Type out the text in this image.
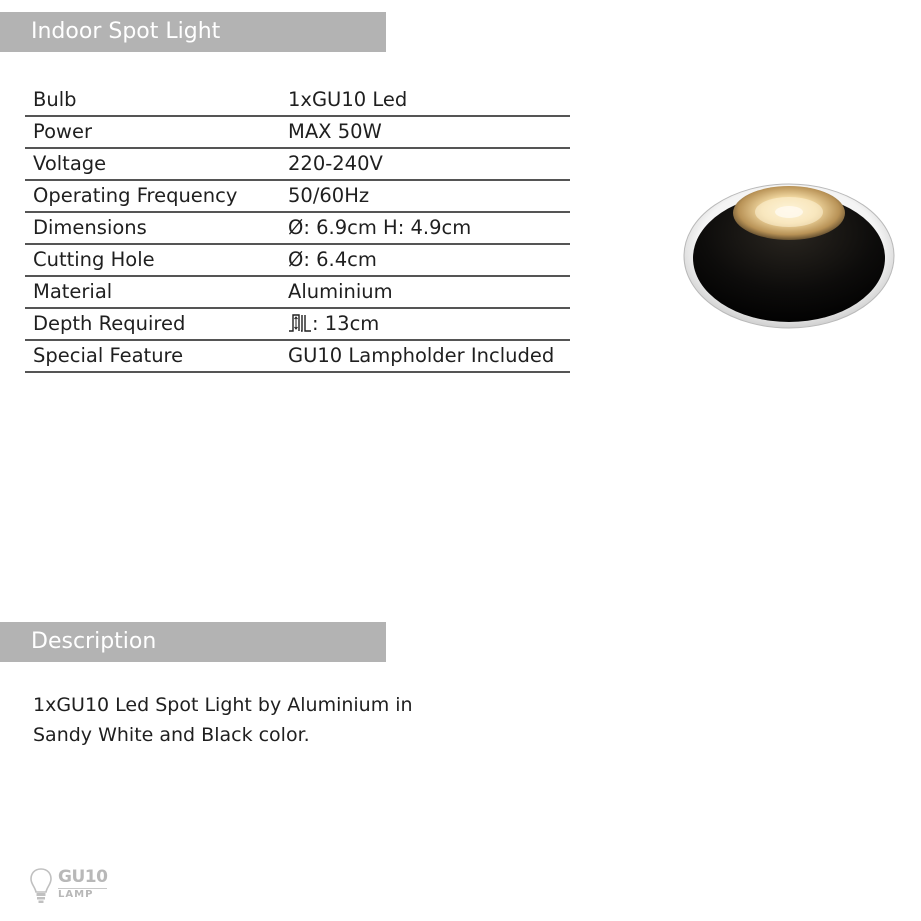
Indoor Spot Light
Bulb	1xGU10 Led
Power	MAX 50W
Voltage	220-240V
Operating Frequency	50/60Hz
Dimensions	Ø: 6.9cm H: 4.9cm
Cutting Hole	Ø: 6.4cm
Material	Aluminium
Depth Required	: 13cm
Special Feature	GU10 Lampholder Included
Description
1xGU10 Led Spot Light by Aluminium in Sandy White and Black color.
GU10
LAMP
